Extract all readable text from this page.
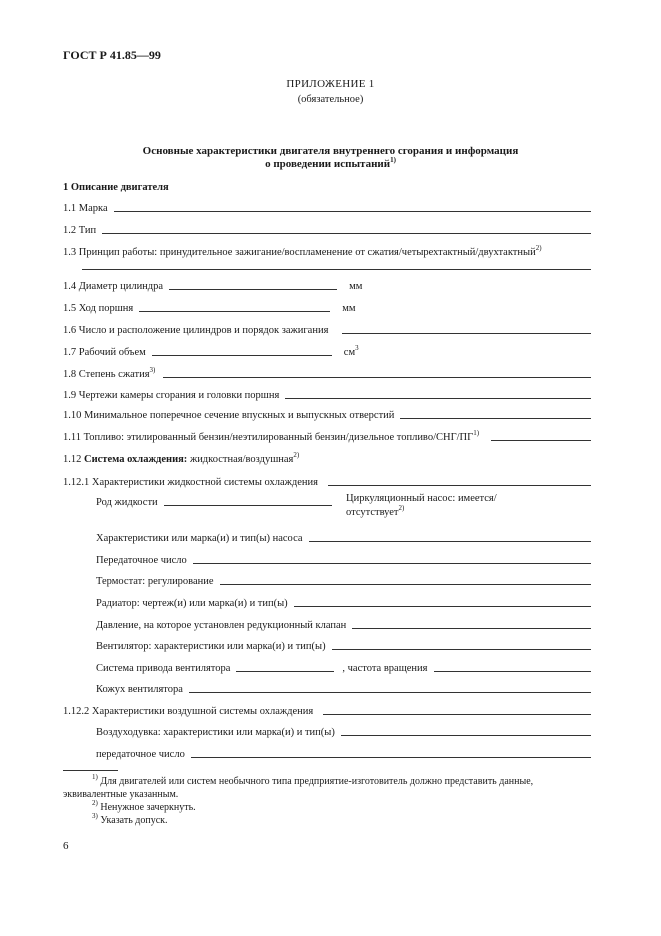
ГОСТ Р 41.85—99
ПРИЛОЖЕНИЕ 1
(обязательное)
Основные характеристики двигателя внутреннего сгорания и информация
о проведении испытаний$^{1)}$
1 Описание двигателя
1.1 Марка
1.2 Тип
1.3 Принцип работы: принудительное зажигание/воспламенение от сжатия/четырехтактный/двухтактный$^{2)}$
1.4 Диаметр цилиндра	мм
1.5 Ход поршня	мм
1.6 Число и расположение цилиндров и порядок зажигания
1.7 Рабочий объем	$см^3$
1.8 Степень сжатия$^{3)}$
1.9 Чертежи камеры сгорания и головки поршня
1.10 Минимальное поперечное сечение впускных и выпускных отверстий
1.11 Топливо: этилированный бензин/неэтилированный бензин/дизельное топливо/СНГ/ПГ$^{1)}$
1.12 Система охлаждения: жидкостная/воздушная$^{2)}$
1.12.1 Характеристики жидкостной системы охлаждения
Род жидкости	Циркуляционный насос: имеется/
отсутствует$^{2)}$
Характеристики или марка(и) и тип(ы) насоса
Передаточное число
Термостат: регулирование
Радиатор: чертеж(и) или марка(и) и тип(ы)
Давление, на которое установлен редукционный клапан
Вентилятор: характеристики или марка(и) и тип(ы)
Система привода вентилятора	, частота вращения
Кожух вентилятора
1.12.2 Характеристики воздушной системы охлаждения
Воздуходувка: характеристики или марка(и) и тип(ы)
передаточное число
$^{1)}$ Для двигателей или систем необычного типа предприятие-изготовитель должно представить данные,
эквивалентные указанным.
$^{2)}$ Ненужное зачеркнуть.
$^{3)}$ Указать допуск.
6
